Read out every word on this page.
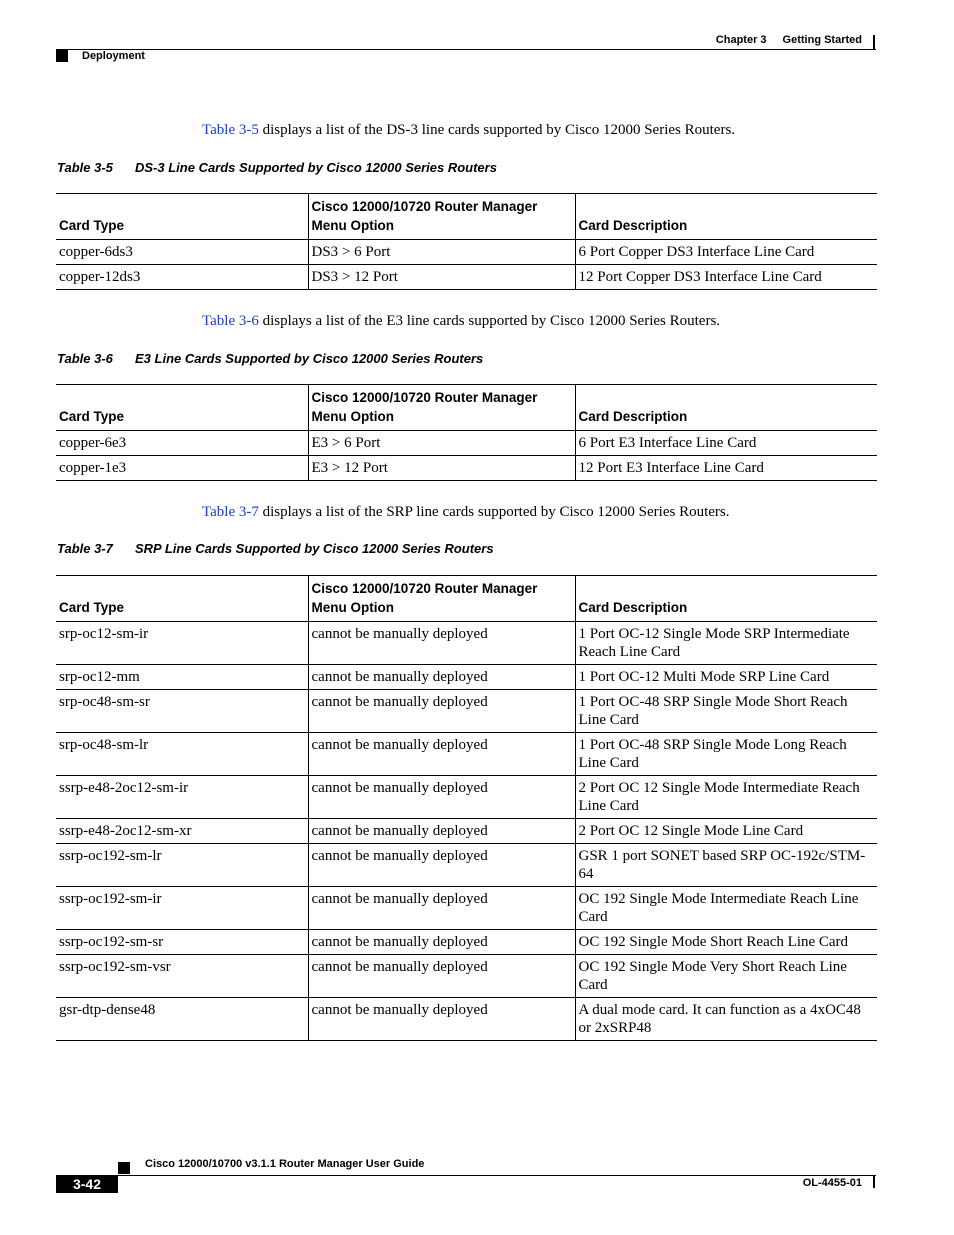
Chapter 3 Getting Started
Deployment
Table 3-5 displays a list of the DS-3 line cards supported by Cisco 12000 Series Routers.
Table 3-5 DS-3 Line Cards Supported by Cisco 12000 Series Routers
Card Type	Cisco 12000/10720 Router Manager Menu Option	Card Description
copper-6ds3	DS3 > 6 Port	6 Port Copper DS3 Interface Line Card
copper-12ds3	DS3 > 12 Port	12 Port Copper DS3 Interface Line Card
Table 3-6 displays a list of the E3 line cards supported by Cisco 12000 Series Routers.
Table 3-6 E3 Line Cards Supported by Cisco 12000 Series Routers
Card Type	Cisco 12000/10720 Router Manager Menu Option	Card Description
copper-6e3	E3 > 6 Port	6 Port E3 Interface Line Card
copper-1e3	E3 > 12 Port	12 Port E3 Interface Line Card
Table 3-7 displays a list of the SRP line cards supported by Cisco 12000 Series Routers.
Table 3-7 SRP Line Cards Supported by Cisco 12000 Series Routers
Card Type	Cisco 12000/10720 Router Manager Menu Option	Card Description
srp-oc12-sm-ir	cannot be manually deployed	1 Port OC-12 Single Mode SRP Intermediate Reach Line Card
srp-oc12-mm	cannot be manually deployed	1 Port OC-12 Multi Mode SRP Line Card
srp-oc48-sm-sr	cannot be manually deployed	1 Port OC-48 SRP Single Mode Short Reach Line Card
srp-oc48-sm-lr	cannot be manually deployed	1 Port OC-48 SRP Single Mode Long Reach Line Card
ssrp-e48-2oc12-sm-ir	cannot be manually deployed	2 Port OC 12 Single Mode Intermediate Reach Line Card
ssrp-e48-2oc12-sm-xr	cannot be manually deployed	2 Port OC 12 Single Mode Line Card
ssrp-oc192-sm-lr	cannot be manually deployed	GSR 1 port SONET based SRP OC-192c/STM-64
ssrp-oc192-sm-ir	cannot be manually deployed	OC 192 Single Mode Intermediate Reach Line Card
ssrp-oc192-sm-sr	cannot be manually deployed	OC 192 Single Mode Short Reach Line Card
ssrp-oc192-sm-vsr	cannot be manually deployed	OC 192 Single Mode Very Short Reach Line Card
gsr-dtp-dense48	cannot be manually deployed	A dual mode card. It can function as a 4xOC48 or 2xSRP48
Cisco 12000/10700 v3.1.1 Router Manager User Guide
3-42	OL-4455-01
